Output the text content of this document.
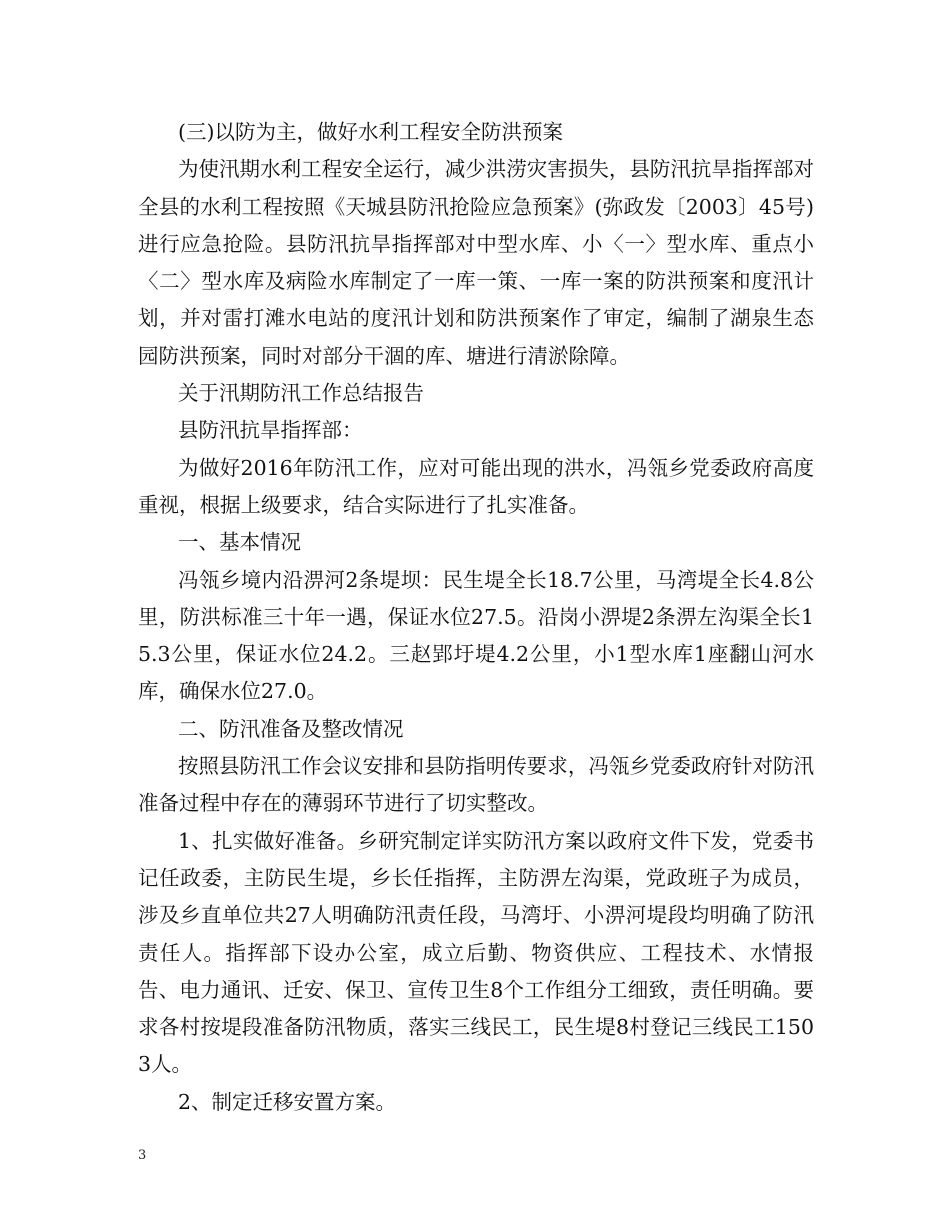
(三)以防为主，做好水利工程安全防洪预案

为使汛期水利工程安全运行，减少洪涝灾害损失，县防汛抗旱指挥部对全县的水利工程按照《天城县防汛抢险应急预案》(弥政发〔2003〕45号)进行应急抢险。县防汛抗旱指挥部对中型水库、小〈一〉型水库、重点小〈二〉型水库及病险水库制定了一库一策、一库一案的防洪预案和度汛计划，并对雷打滩水电站的度汛计划和防洪预案作了审定，编制了湖泉生态园防洪预案，同时对部分干涸的库、塘进行清淤除障。

关于汛期防汛工作总结报告

县防汛抗旱指挥部：

为做好2016年防汛工作，应对可能出现的洪水，冯瓴乡党委政府高度重视，根据上级要求，结合实际进行了扎实准备。

一、基本情况

冯瓴乡境内沿淠河2条堤坝：民生堤全长18.7公里，马湾堤全长4.8公里，防洪标准三十年一遇，保证水位27.5。沿岗小淠堤2条淠左沟渠全长15.3公里，保证水位24.2。三赵郢圩堤4.2公里，小1型水库1座翻山河水库，确保水位27.0。

二、防汛准备及整改情况

按照县防汛工作会议安排和县防指明传要求，冯瓴乡党委政府针对防汛准备过程中存在的薄弱环节进行了切实整改。

1、扎实做好准备。乡研究制定详实防汛方案以政府文件下发，党委书记任政委，主防民生堤，乡长任指挥，主防淠左沟渠，党政班子为成员，涉及乡直单位共27人明确防汛责任段，马湾圩、小淠河堤段均明确了防汛责任人。指挥部下设办公室，成立后勤、物资供应、工程技术、水情报告、电力通讯、迁安、保卫、宣传卫生8个工作组分工细致，责任明确。要求各村按堤段准备防汛物质，落实三线民工，民生堤8村登记三线民工1503人。

2、制定迁移安置方案。

3
